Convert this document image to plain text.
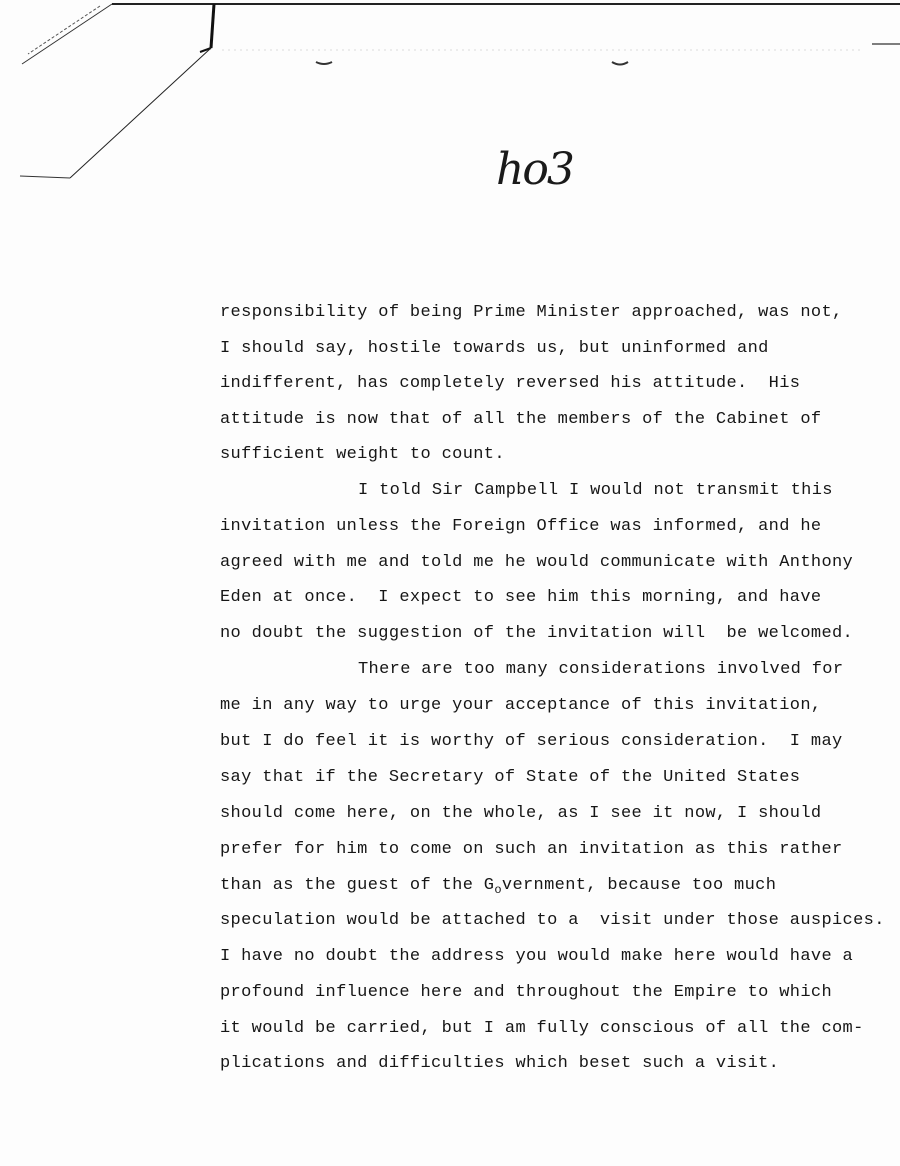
ho3
responsibility of being Prime Minister approached, was not,
I should say, hostile towards us, but uninformed and
indifferent, has completely reversed his attitude.  His
attitude is now that of all the members of the Cabinet of
sufficient weight to count.
I told Sir Campbell I would not transmit this
invitation unless the Foreign Office was informed, and he
agreed with me and told me he would communicate with Anthony
Eden at once.  I expect to see him this morning, and have
no doubt the suggestion of the invitation will  be welcomed.
There are too many considerations involved for
me in any way to urge your acceptance of this invitation,
but I do feel it is worthy of serious consideration.  I may
say that if the Secretary of State of the United States
should come here, on the whole, as I see it now, I should
prefer for him to come on such an invitation as this rather
than as the guest of the $G_overnment$, because too much
speculation would be attached to a  visit under those auspices.
I have no doubt the address you would make here would have a
profound influence here and throughout the Empire to which
it would be carried, but I am fully conscious of all the com-
plications and difficulties which beset such a visit.
